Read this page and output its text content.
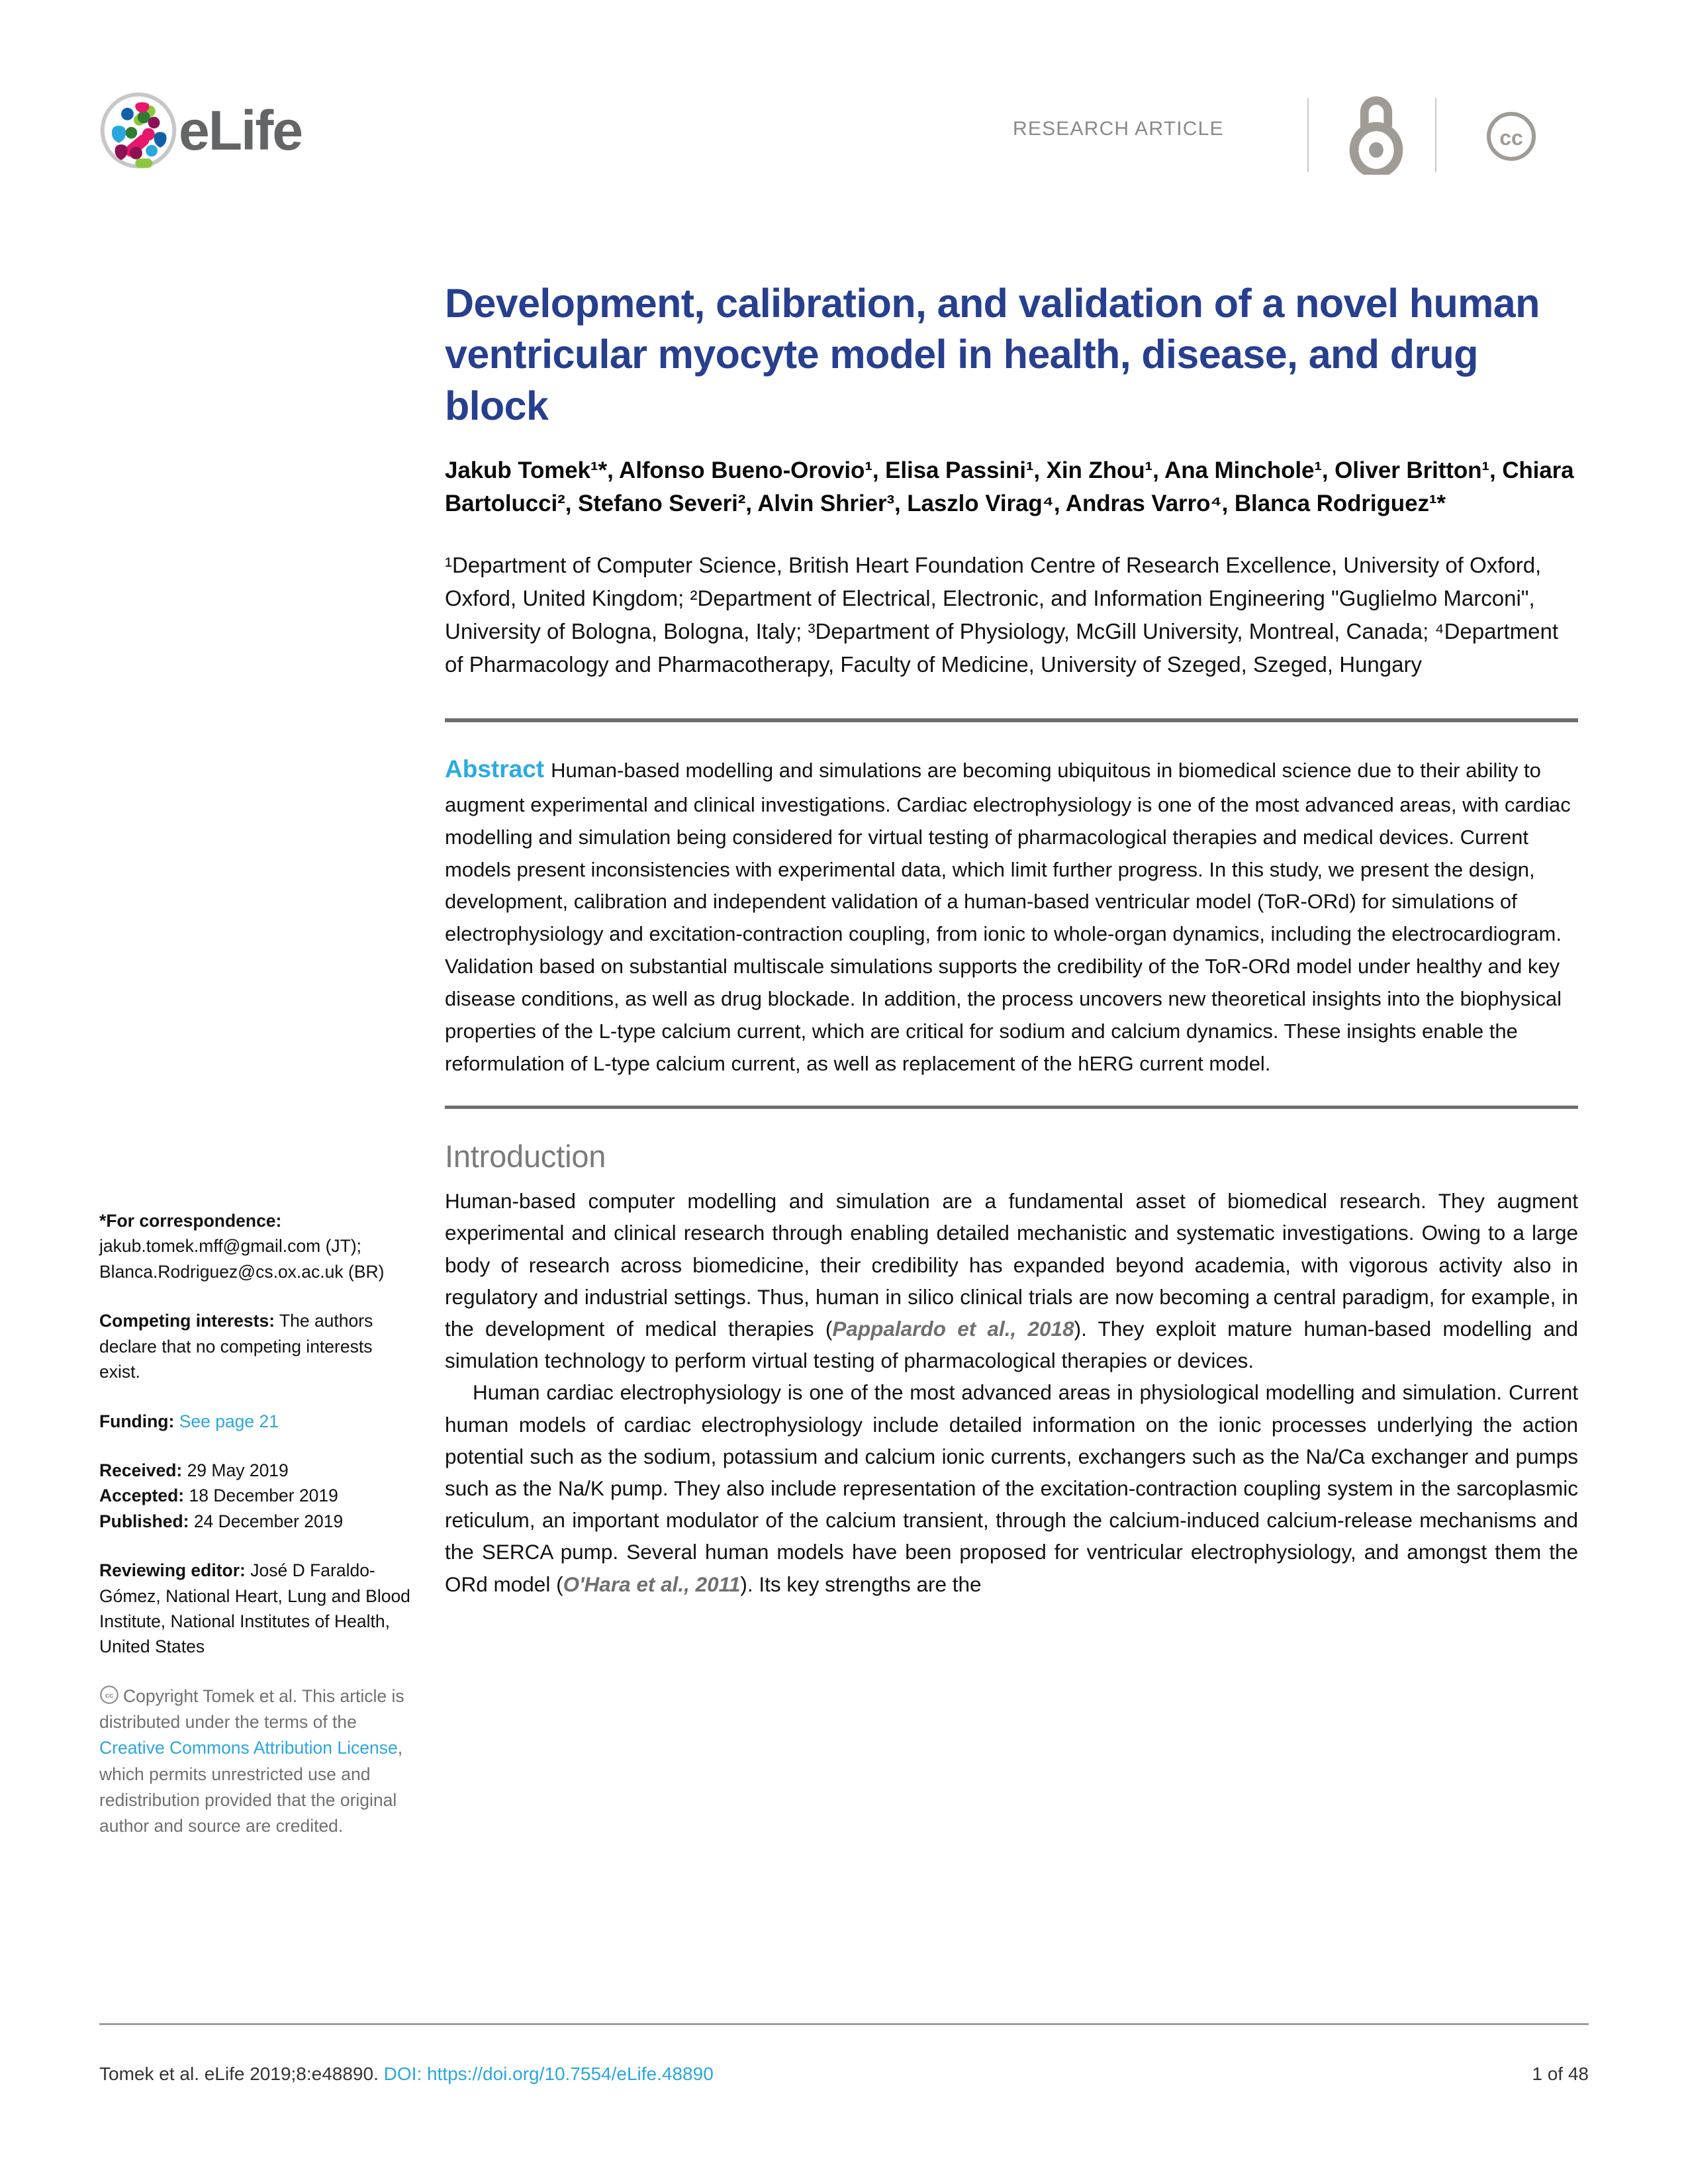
eLife	RESEARCH ARTICLE	cc
Development, calibration, and validation of a novel human ventricular myocyte model in health, disease, and drug block
Jakub Tomek¹*, Alfonso Bueno-Orovio¹, Elisa Passini¹, Xin Zhou¹, Ana Minchole¹, Oliver Britton¹, Chiara Bartolucci², Stefano Severi², Alvin Shrier³, Laszlo Virag⁴, Andras Varro⁴, Blanca Rodriguez¹*
¹Department of Computer Science, British Heart Foundation Centre of Research Excellence, University of Oxford, Oxford, United Kingdom; ²Department of Electrical, Electronic, and Information Engineering "Guglielmo Marconi", University of Bologna, Bologna, Italy; ³Department of Physiology, McGill University, Montreal, Canada; ⁴Department of Pharmacology and Pharmacotherapy, Faculty of Medicine, University of Szeged, Szeged, Hungary
Abstract Human-based modelling and simulations are becoming ubiquitous in biomedical science due to their ability to augment experimental and clinical investigations. Cardiac electrophysiology is one of the most advanced areas, with cardiac modelling and simulation being considered for virtual testing of pharmacological therapies and medical devices. Current models present inconsistencies with experimental data, which limit further progress. In this study, we present the design, development, calibration and independent validation of a human-based ventricular model (ToR-ORd) for simulations of electrophysiology and excitation-contraction coupling, from ionic to whole-organ dynamics, including the electrocardiogram. Validation based on substantial multiscale simulations supports the credibility of the ToR-ORd model under healthy and key disease conditions, as well as drug blockade. In addition, the process uncovers new theoretical insights into the biophysical properties of the L-type calcium current, which are critical for sodium and calcium dynamics. These insights enable the reformulation of L-type calcium current, as well as replacement of the hERG current model.
Introduction

Human-based computer modelling and simulation are a fundamental asset of biomedical research. They augment experimental and clinical research through enabling detailed mechanistic and systematic investigations. Owing to a large body of research across biomedicine, their credibility has expanded beyond academia, with vigorous activity also in regulatory and industrial settings. Thus, human in silico clinical trials are now becoming a central paradigm, for example, in the development of medical therapies (Pappalardo et al., 2018). They exploit mature human-based modelling and simulation technology to perform virtual testing of pharmacological therapies or devices.

Human cardiac electrophysiology is one of the most advanced areas in physiological modelling and simulation. Current human models of cardiac electrophysiology include detailed information on the ionic processes underlying the action potential such as the sodium, potassium and calcium ionic currents, exchangers such as the Na/Ca exchanger and pumps such as the Na/K pump. They also include representation of the excitation-contraction coupling system in the sarcoplasmic reticulum, an important modulator of the calcium transient, through the calcium-induced calcium-release mechanisms and the SERCA pump. Several human models have been proposed for ventricular electrophysiology, and amongst them the ORd model (O'Hara et al., 2011). Its key strengths are the

*For correspondence:
jakub.tomek.mff@gmail.com (JT);
Blanca.Rodriguez@cs.ox.ac.uk (BR)
Competing interests: The authors declare that no competing interests exist.
Funding: See page 21
Received: 29 May 2019
Accepted: 18 December 2019
Published: 24 December 2019
Reviewing editor: José D Faraldo-Gómez, National Heart, Lung and Blood Institute, National Institutes of Health, United States
cc Copyright Tomek et al. This article is distributed under the terms of the Creative Commons Attribution License, which permits unrestricted use and redistribution provided that the original author and source are credited.
Tomek et al. eLife 2019;8:e48890. DOI: https://doi.org/10.7554/eLife.48890	1 of 48
